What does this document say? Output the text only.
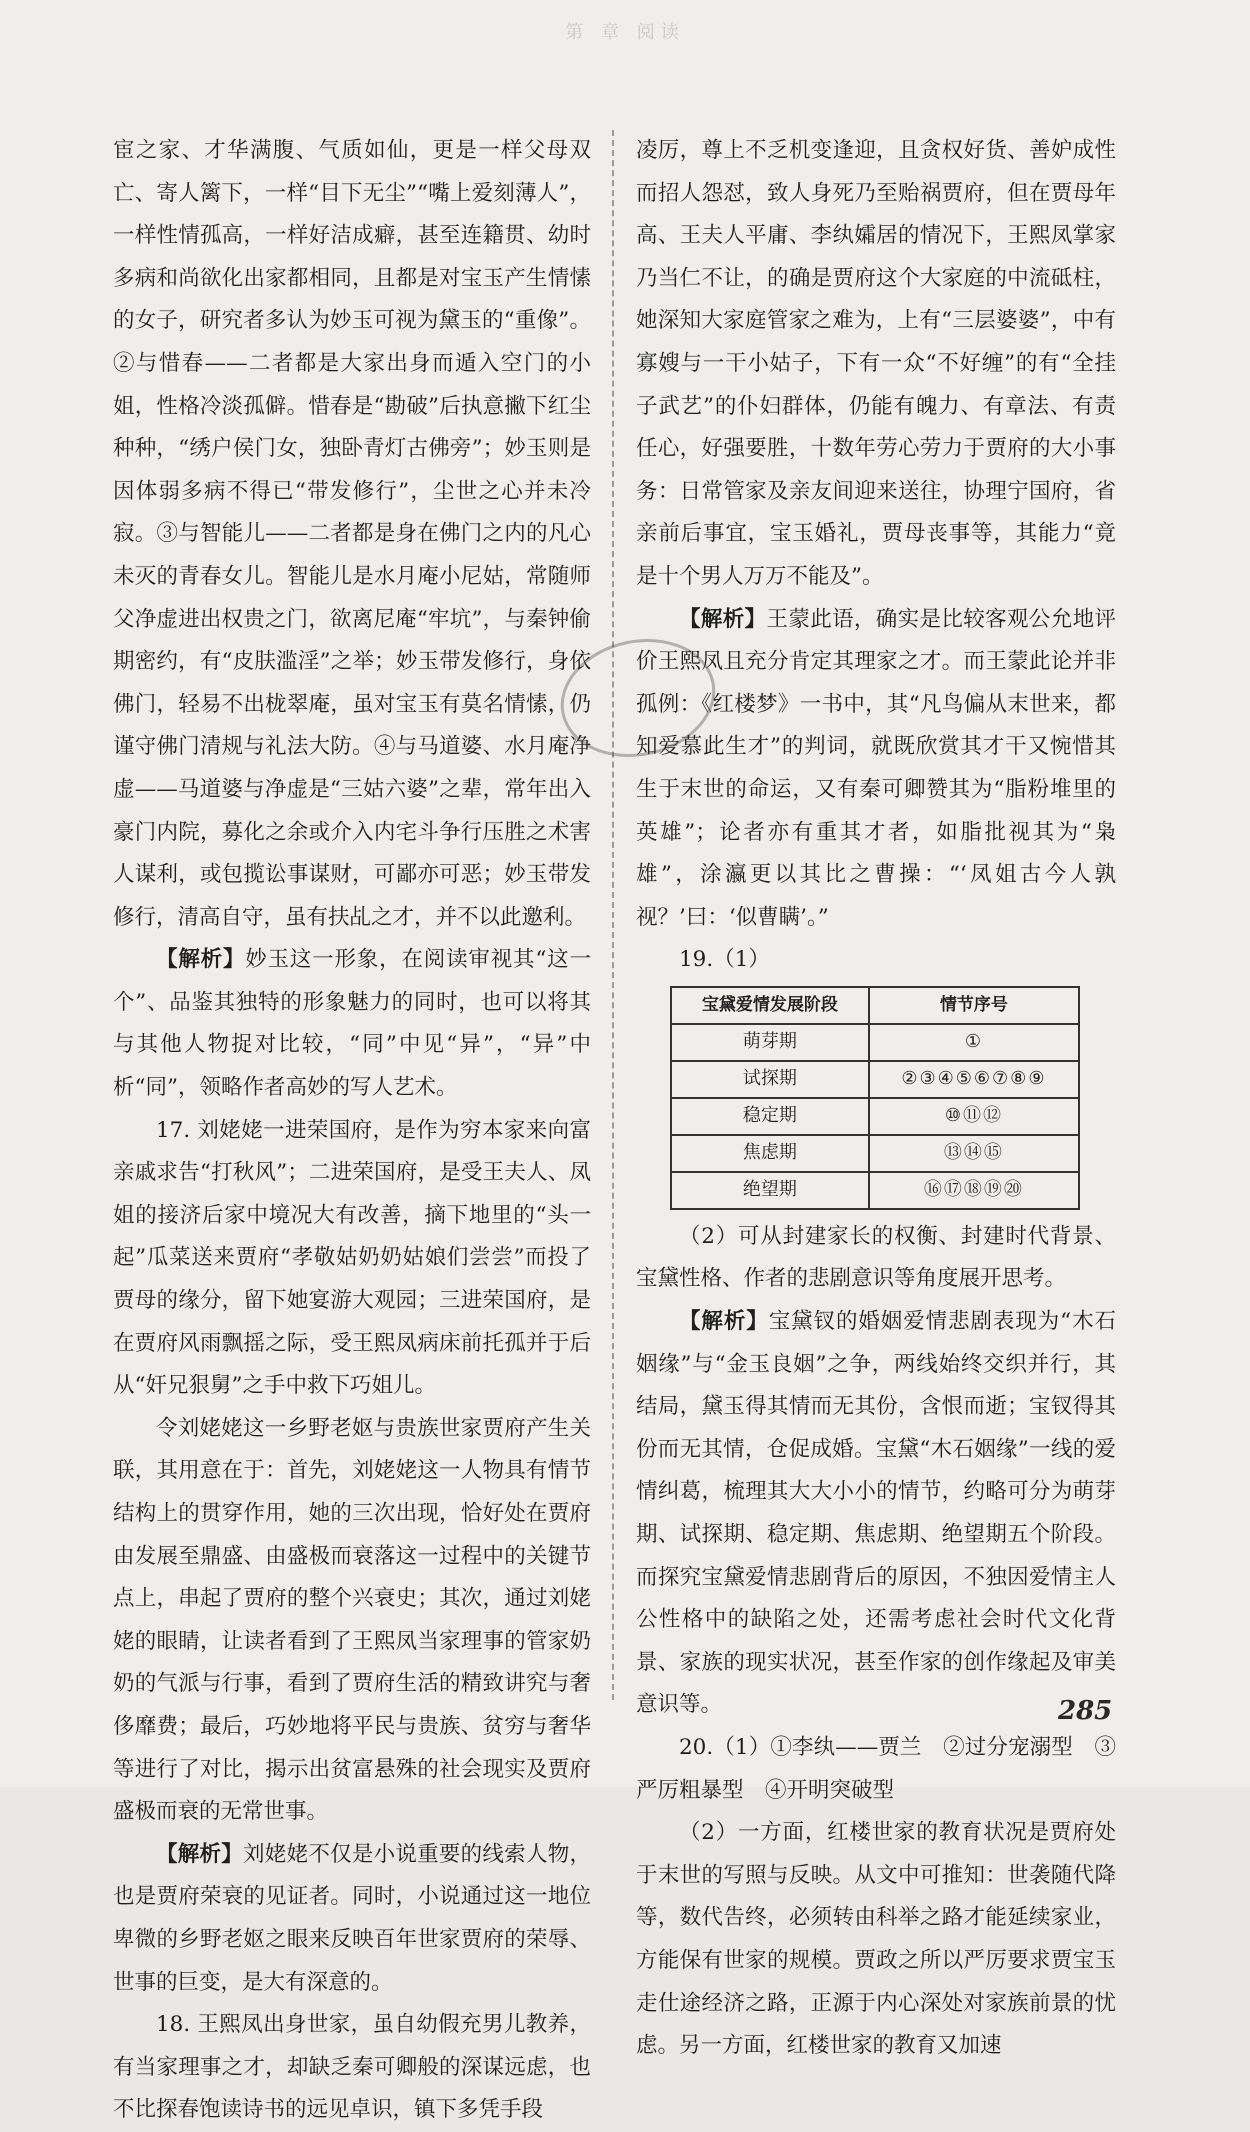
第 章 阅读

宦之家、才华满腹、气质如仙，更是一样父母双亡、寄人篱下，一样“目下无尘”“嘴上爱刻薄人”，一样性情孤高，一样好洁成癖，甚至连籍贯、幼时多病和尚欲化出家都相同，且都是对宝玉产生情愫的女子，研究者多认为妙玉可视为黛玉的“重像”。②与惜春——二者都是大家出身而遁入空门的小姐，性格冷淡孤僻。惜春是“勘破”后执意撇下红尘种种，“绣户侯门女，独卧青灯古佛旁”；妙玉则是因体弱多病不得已“带发修行”，尘世之心并未冷寂。③与智能儿——二者都是身在佛门之内的凡心未灭的青春女儿。智能儿是水月庵小尼姑，常随师父净虚进出权贵之门，欲离尼庵“牢坑”，与秦钟偷期密约，有“皮肤滥淫”之举；妙玉带发修行，身依佛门，轻易不出栊翠庵，虽对宝玉有莫名情愫，仍谨守佛门清规与礼法大防。④与马道婆、水月庵净虚——马道婆与净虚是“三姑六婆”之辈，常年出入豪门内院，募化之余或介入内宅斗争行压胜之术害人谋利，或包揽讼事谋财，可鄙亦可恶；妙玉带发修行，清高自守，虽有扶乩之才，并不以此邀利。

【解析】妙玉这一形象，在阅读审视其“这一个”、品鉴其独特的形象魅力的同时，也可以将其与其他人物捉对比较，“同”中见“异”，“异”中析“同”，领略作者高妙的写人艺术。

17. 刘姥姥一进荣国府，是作为穷本家来向富亲戚求告“打秋风”；二进荣国府，是受王夫人、凤姐的接济后家中境况大有改善，摘下地里的“头一起”瓜菜送来贾府“孝敬姑奶奶姑娘们尝尝”而投了贾母的缘分，留下她宴游大观园；三进荣国府，是在贾府风雨飘摇之际，受王熙凤病床前托孤并于后从“奸兄狠舅”之手中救下巧姐儿。

令刘姥姥这一乡野老妪与贵族世家贾府产生关联，其用意在于：首先，刘姥姥这一人物具有情节结构上的贯穿作用，她的三次出现，恰好处在贾府由发展至鼎盛、由盛极而衰落这一过程中的关键节点上，串起了贾府的整个兴衰史；其次，通过刘姥姥的眼睛，让读者看到了王熙凤当家理事的管家奶奶的气派与行事，看到了贾府生活的精致讲究与奢侈靡费；最后，巧妙地将平民与贵族、贫穷与奢华等进行了对比，揭示出贫富悬殊的社会现实及贾府盛极而衰的无常世事。

【解析】刘姥姥不仅是小说重要的线索人物，也是贾府荣衰的见证者。同时，小说通过这一地位卑微的乡野老妪之眼来反映百年世家贾府的荣辱、世事的巨变，是大有深意的。

18. 王熙凤出身世家，虽自幼假充男儿教养，有当家理事之才，却缺乏秦可卿般的深谋远虑，也不比探春饱读诗书的远见卓识，镇下多凭手段

凌厉，尊上不乏机变逢迎，且贪权好货、善妒成性而招人怨怼，致人身死乃至贻祸贾府，但在贾母年高、王夫人平庸、李纨孀居的情况下，王熙凤掌家乃当仁不让，的确是贾府这个大家庭的中流砥柱，她深知大家庭管家之难为，上有“三层婆婆”，中有寡嫂与一干小姑子，下有一众“不好缠”的有“全挂子武艺”的仆妇群体，仍能有魄力、有章法、有责任心，好强要胜，十数年劳心劳力于贾府的大小事务：日常管家及亲友间迎来送往，协理宁国府，省亲前后事宜，宝玉婚礼，贾母丧事等，其能力“竟是十个男人万万不能及”。

【解析】王蒙此语，确实是比较客观公允地评价王熙凤且充分肯定其理家之才。而王蒙此论并非孤例：《红楼梦》一书中，其“凡鸟偏从末世来，都知爱慕此生才”的判词，就既欣赏其才干又惋惜其生于末世的命运，又有秦可卿赞其为“脂粉堆里的英雄”；论者亦有重其才者，如脂批视其为“枭雄”，涂瀛更以其比之曹操：“‘凤姐古今人孰视？’曰：‘似曹瞒’。”

19.（1）

宝黛爱情发展阶段	情节序号
萌芽期	①
试探期	②③④⑤⑥⑦⑧⑨
稳定期	⑩⑪⑫
焦虑期	⑬⑭⑮
绝望期	⑯⑰⑱⑲⑳

（2）可从封建家长的权衡、封建时代背景、宝黛性格、作者的悲剧意识等角度展开思考。

【解析】宝黛钗的婚姻爱情悲剧表现为“木石姻缘”与“金玉良姻”之争，两线始终交织并行，其结局，黛玉得其情而无其份，含恨而逝；宝钗得其份而无其情，仓促成婚。宝黛“木石姻缘”一线的爱情纠葛，梳理其大大小小的情节，约略可分为萌芽期、试探期、稳定期、焦虑期、绝望期五个阶段。而探究宝黛爱情悲剧背后的原因，不独因爱情主人公性格中的缺陷之处，还需考虑社会时代文化背景、家族的现实状况，甚至作家的创作缘起及审美意识等。

20.（1）①李纨——贾兰　②过分宠溺型　③严厉粗暴型　④开明突破型

（2）一方面，红楼世家的教育状况是贾府处于末世的写照与反映。从文中可推知：世袭随代降等，数代告终，必须转由科举之路才能延续家业，方能保有世家的规模。贾政之所以严厉要求贾宝玉走仕途经济之路，正源于内心深处对家族前景的忧虑。另一方面，红楼世家的教育又加速

285
